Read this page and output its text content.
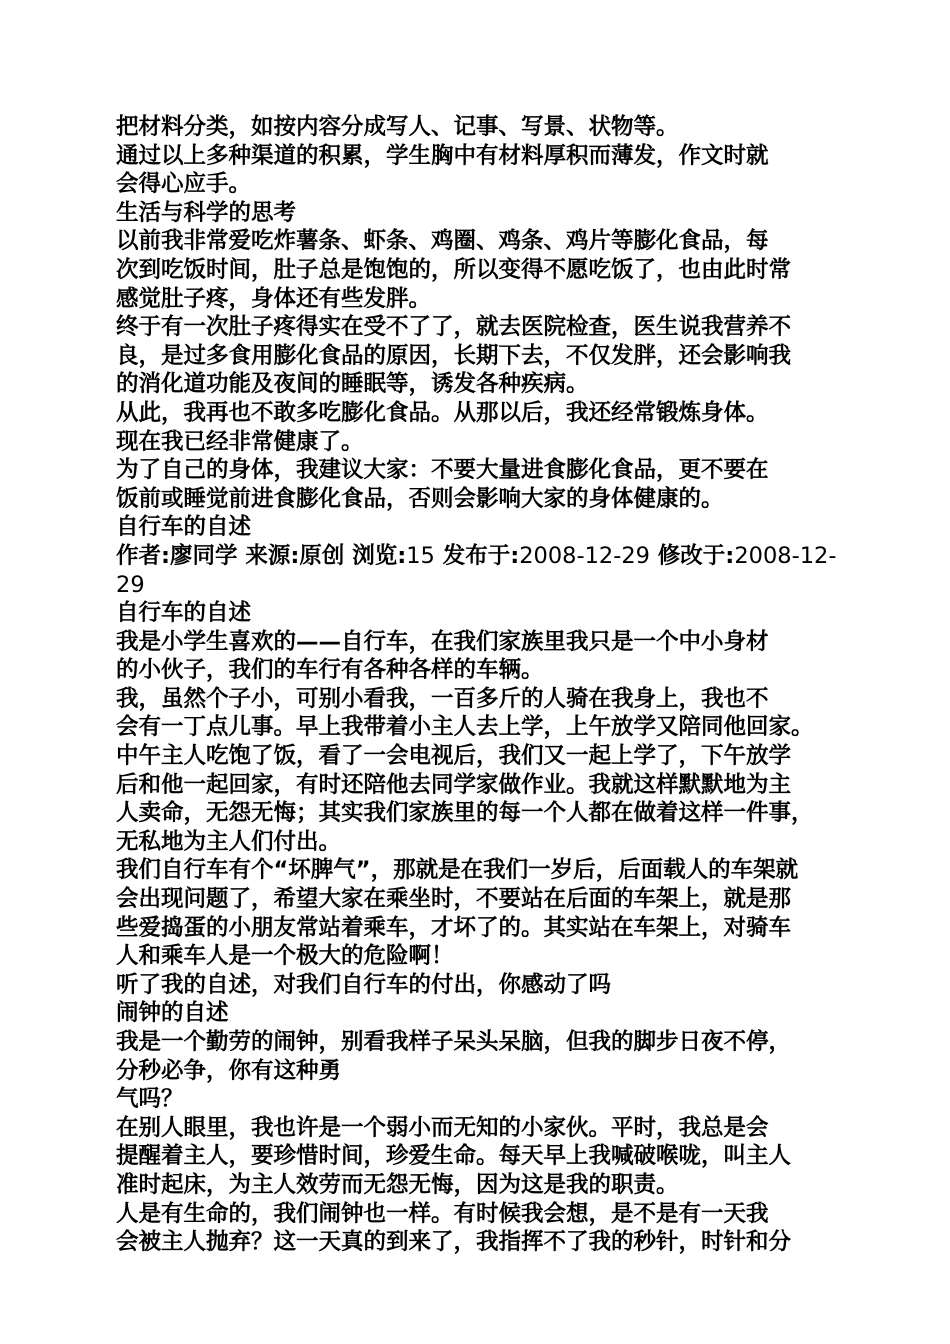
把材料分类，如按内容分成写人、记事、写景、状物等。
通过以上多种渠道的积累，学生胸中有材料厚积而薄发，作文时就
会得心应手。
生活与科学的思考
以前我非常爱吃炸薯条、虾条、鸡圈、鸡条、鸡片等膨化食品，每
次到吃饭时间，肚子总是饱饱的，所以变得不愿吃饭了，也由此时常
感觉肚子疼，身体还有些发胖。
终于有一次肚子疼得实在受不了了，就去医院检查，医生说我营养不
良，是过多食用膨化食品的原因，长期下去，不仅发胖，还会影响我
的消化道功能及夜间的睡眠等，诱发各种疾病。
从此，我再也不敢多吃膨化食品。从那以后，我还经常锻炼身体。
现在我已经非常健康了。
为了自己的身体，我建议大家：不要大量进食膨化食品，更不要在
饭前或睡觉前进食膨化食品，否则会影响大家的身体健康的。
自行车的自述
作者:廖同学 来源:原创 浏览:15 发布于:2008-12-29 修改于:2008-12-
29
自行车的自述
我是小学生喜欢的——自行车，在我们家族里我只是一个中小身材
的小伙子，我们的车行有各种各样的车辆。
我，虽然个子小，可别小看我，一百多斤的人骑在我身上，我也不
会有一丁点儿事。早上我带着小主人去上学，上午放学又陪同他回家。
中午主人吃饱了饭，看了一会电视后，我们又一起上学了，下午放学
后和他一起回家，有时还陪他去同学家做作业。我就这样默默地为主
人卖命，无怨无悔；其实我们家族里的每一个人都在做着这样一件事，
无私地为主人们付出。
我们自行车有个“坏脾气”，那就是在我们一岁后，后面载人的车架就
会出现问题了，希望大家在乘坐时，不要站在后面的车架上，就是那
些爱捣蛋的小朋友常站着乘车，才坏了的。其实站在车架上，对骑车
人和乘车人是一个极大的危险啊！
听了我的自述，对我们自行车的付出，你感动了吗
闹钟的自述
我是一个勤劳的闹钟，别看我样子呆头呆脑，但我的脚步日夜不停，
分秒必争，你有这种勇
气吗？
在别人眼里，我也许是一个弱小而无知的小家伙。平时，我总是会
提醒着主人，要珍惜时间，珍爱生命。每天早上我喊破喉咙，叫主人
准时起床，为主人效劳而无怨无悔，因为这是我的职责。
人是有生命的，我们闹钟也一样。有时候我会想，是不是有一天我
会被主人抛弃？这一天真的到来了，我指挥不了我的秒针，时针和分
